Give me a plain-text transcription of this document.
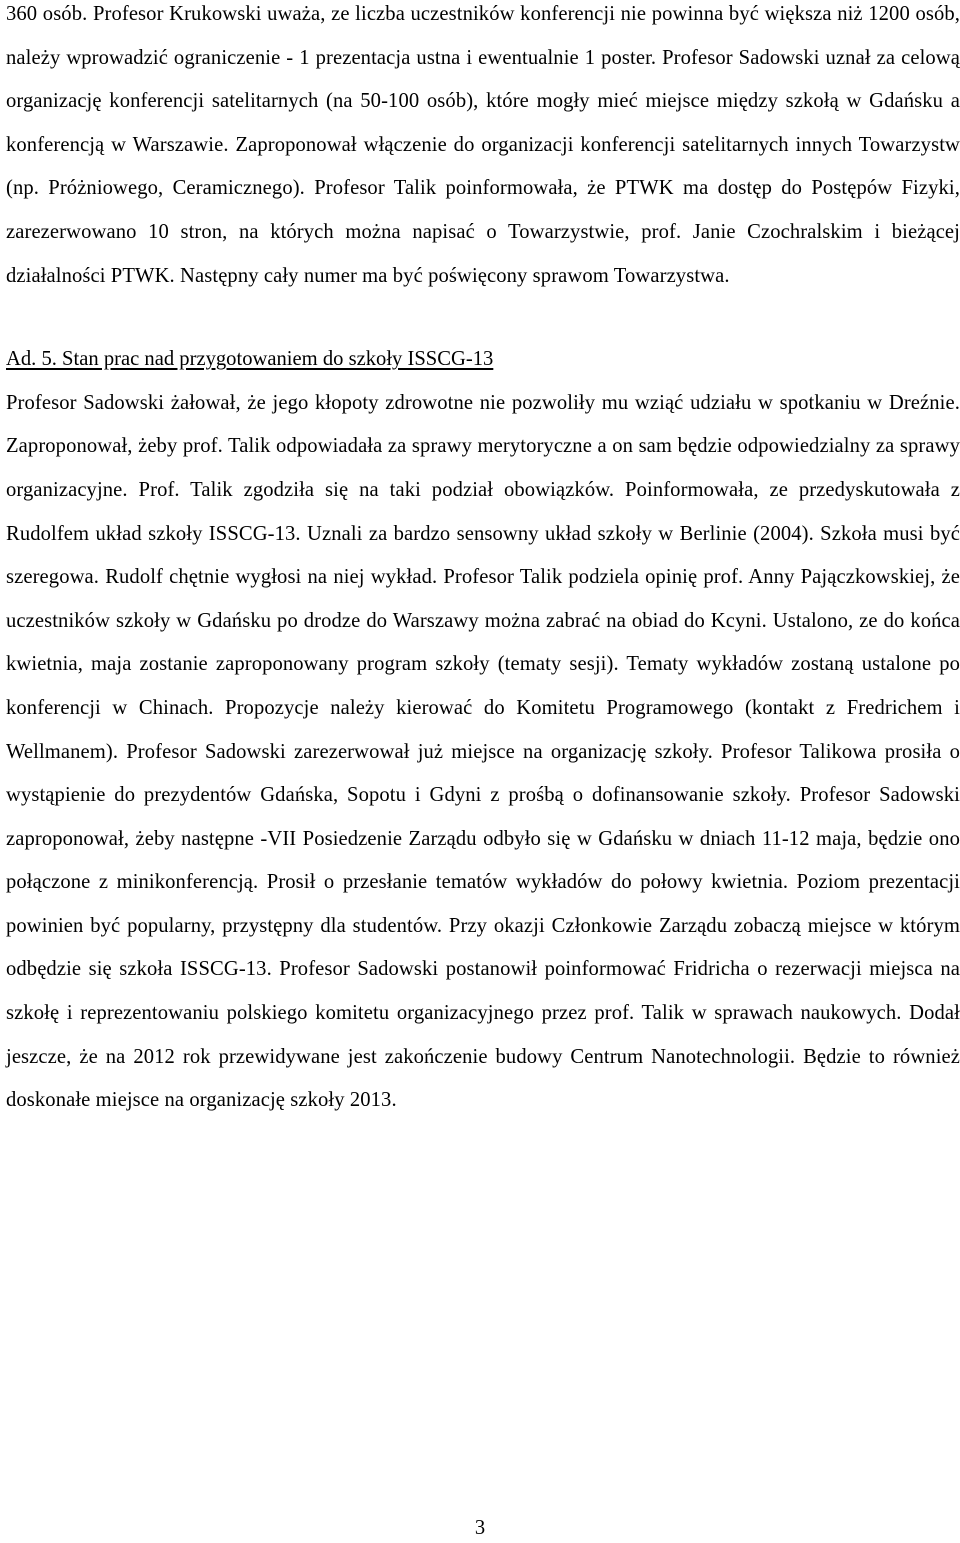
360 osób. Profesor Krukowski uważa, ze liczba uczestników konferencji nie powinna być większa niż 1200 osób, należy wprowadzić ograniczenie - 1 prezentacja ustna i ewentualnie 1 poster. Profesor Sadowski uznał za celową organizację konferencji satelitarnych (na 50-100 osób), które mogły mieć miejsce między szkołą w Gdańsku a konferencją w Warszawie. Zaproponował włączenie do organizacji konferencji satelitarnych innych Towarzystw (np. Próżniowego, Ceramicznego). Profesor Talik poinformowała, że PTWK ma dostęp do Postępów Fizyki, zarezerwowano 10 stron, na których można napisać o Towarzystwie, prof. Janie Czochralskim i bieżącej działalności PTWK. Następny cały numer ma być poświęcony sprawom Towarzystwa.

Ad. 5. Stan prac nad przygotowaniem do szkoły ISSCG-13

Profesor Sadowski żałował, że jego kłopoty zdrowotne nie pozwoliły mu wziąć udziału w spotkaniu w Dreźnie. Zaproponował, żeby prof. Talik odpowiadała za sprawy merytoryczne a on sam będzie odpowiedzialny za sprawy organizacyjne. Prof. Talik zgodziła się na taki podział obowiązków. Poinformowała, ze przedyskutowała z Rudolfem układ szkoły ISSCG-13. Uznali za bardzo sensowny układ szkoły w Berlinie (2004). Szkoła musi być szeregowa. Rudolf chętnie wygłosi na niej wykład. Profesor Talik podziela opinię prof. Anny Pajączkowskiej, że uczestników szkoły w Gdańsku po drodze do Warszawy można zabrać na obiad do Kcyni. Ustalono, ze do końca kwietnia, maja zostanie zaproponowany program szkoły (tematy sesji). Tematy wykładów zostaną ustalone po konferencji w Chinach. Propozycje należy kierować do Komitetu Programowego (kontakt z Fredrichem i Wellmanem). Profesor Sadowski zarezerwował już miejsce na organizację szkoły. Profesor Talikowa prosiła o wystąpienie do prezydentów Gdańska, Sopotu i Gdyni z prośbą o dofinansowanie szkoły. Profesor Sadowski zaproponował, żeby następne -VII Posiedzenie Zarządu odbyło się w Gdańsku w dniach 11-12 maja, będzie ono połączone z minikonferencją. Prosił o przesłanie tematów wykładów do połowy kwietnia. Poziom prezentacji powinien być popularny, przystępny dla studentów. Przy okazji Członkowie Zarządu zobaczą miejsce w którym odbędzie się szkoła ISSCG-13. Profesor Sadowski postanowił poinformować Fridricha o rezerwacji miejsca na szkołę i reprezentowaniu polskiego komitetu organizacyjnego przez prof. Talik w sprawach naukowych. Dodał jeszcze, że na 2012 rok przewidywane jest zakończenie budowy Centrum Nanotechnologii. Będzie to również doskonałe miejsce na organizację szkoły 2013.

3
